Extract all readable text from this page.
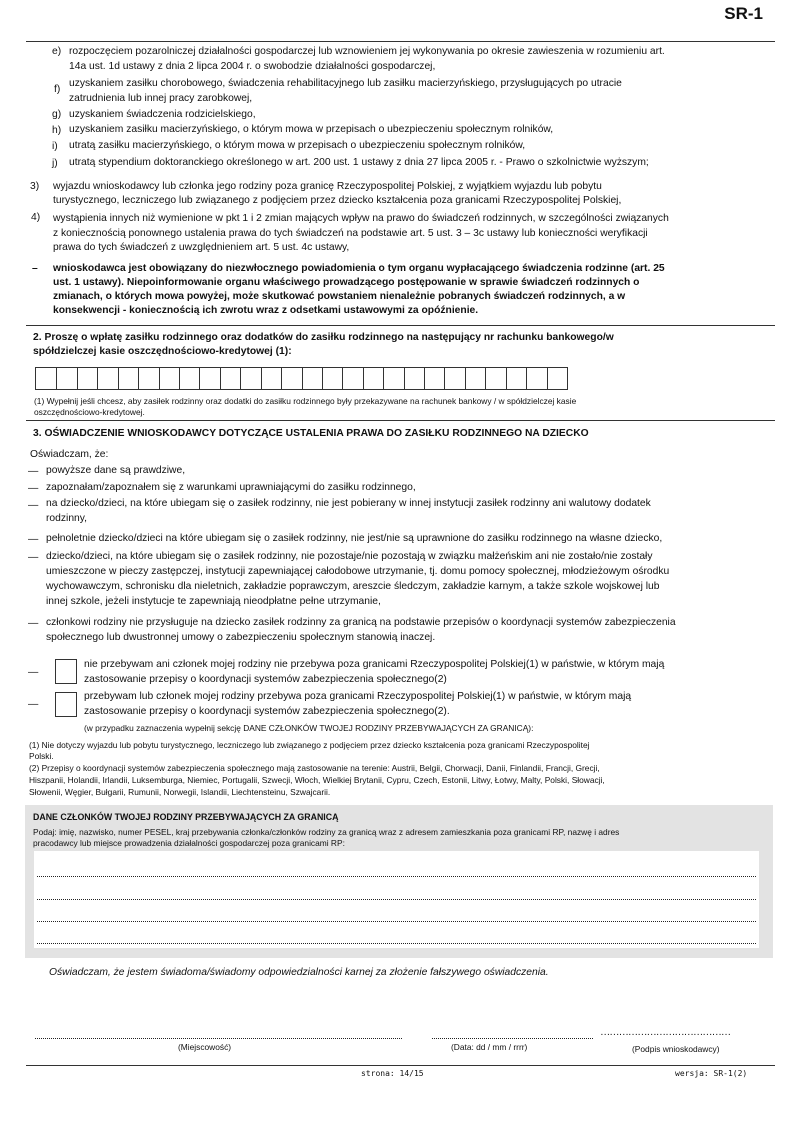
SR-1
e) rozpoczęciem pozarolniczej działalności gospodarczej lub wznowieniem jej wykonywania po okresie zawieszenia w rozumieniu art.
14a ust. 1d ustawy z dnia 2 lipca 2004 r. o swobodzie działalności gospodarczej,
f)
uzyskaniem zasiłku chorobowego, świadczenia rehabilitacyjnego lub zasiłku macierzyńskiego, przysługujących po utracie
zatrudnienia lub innej pracy zarobkowej,
g) uzyskaniem świadczenia rodzicielskiego,
h) uzyskaniem zasiłku macierzyńskiego, o którym mowa w przepisach o ubezpieczeniu społecznym rolników,
i) utratą zasiłku macierzyńskiego, o którym mowa w przepisach o ubezpieczeniu społecznym rolników,
j) utratą stypendium doktoranckiego określonego w art. 200 ust. 1 ustawy z dnia 27 lipca 2005 r. - Prawo o szkolnictwie wyższym;
3) wyjazdu wnioskodawcy lub członka jego rodziny poza granicę Rzeczypospolitej Polskiej, z wyjątkiem wyjazdu lub pobytu
turystycznego, leczniczego lub związanego z podjęciem przez dziecko kształcenia poza granicami Rzeczypospolitej Polskiej,
4) wystąpienia innych niż wymienione w pkt 1 i 2 zmian mających wpływ na prawo do świadczeń rodzinnych, w szczególności związanych
z koniecznością ponownego ustalenia prawa do tych świadczeń na podstawie art. 5 ust. 3 – 3c ustawy lub konieczności weryfikacji
prawa do tych świadczeń z uwzględnieniem art. 5 ust. 4c ustawy,
– wnioskodawca jest obowiązany do niezwłocznego powiadomienia o tym organu wypłacającego świadczenia rodzinne (art. 25
ust. 1 ustawy). Niepoinformowanie organu właściwego prowadzącego postępowanie w sprawie świadczeń rodzinnych o
zmianach, o których mowa powyżej, może skutkować powstaniem nienależnie pobranych świadczeń rodzinnych, a w
konsekwencji - koniecznością ich zwrotu wraz z odsetkami ustawowymi za opóźnienie.
2. Proszę o wpłatę zasiłku rodzinnego oraz dodatków do zasiłku rodzinnego na następujący nr rachunku bankowego/w
spółdzielczej kasie oszczędnościowo-kredytowej (1):
(1) Wypełnij jeśli chcesz, aby zasiłek rodzinny oraz dodatki do zasiłku rodzinnego były przekazywane na rachunek bankowy / w spółdzielczej kasie
oszczędnościowo-kredytowej.
3. OŚWIADCZENIE WNIOSKODAWCY DOTYCZĄCE USTALENIA PRAWA DO ZASIŁKU RODZINNEGO NA DZIECKO
Oświadczam, że:
— powyższe dane są prawdziwe,
— zapoznałam/zapoznałem się z warunkami uprawniającymi do zasiłku rodzinnego,
— na dziecko/dzieci, na które ubiegam się o zasiłek rodzinny, nie jest pobierany w innej instytucji zasiłek rodzinny ani walutowy dodatek
rodzinny,
— pełnoletnie dziecko/dzieci na które ubiegam się o zasiłek rodzinny, nie jest/nie są uprawnione do zasiłku rodzinnego na własne dziecko,
— dziecko/dzieci, na które ubiegam się o zasiłek rodzinny, nie pozostaje/nie pozostają w związku małżeńskim ani nie zostało/nie zostały
umieszczone w pieczy zastępczej, instytucji zapewniającej całodobowe utrzymanie, tj. domu pomocy społecznej, młodzieżowym ośrodku
wychowawczym, schronisku dla nieletnich, zakładzie poprawczym, areszcie śledczym, zakładzie karnym, a także szkole wojskowej lub
innej szkole, jeżeli instytucje te zapewniają nieodpłatne pełne utrzymanie,
— członkowi rodziny nie przysługuje na dziecko zasiłek rodzinny za granicą na podstawie przepisów o koordynacji systemów zabezpieczenia
społecznego lub dwustronnej umowy o zabezpieczeniu społecznym stanowią inaczej.
—
nie przebywam ani członek mojej rodziny nie przebywa poza granicami Rzeczypospolitej Polskiej(1) w państwie, w którym mają
zastosowanie przepisy o koordynacji systemów zabezpieczenia społecznego(2)
—
przebywam lub członek mojej rodziny przebywa poza granicami Rzeczypospolitej Polskiej(1) w państwie, w którym mają
zastosowanie przepisy o koordynacji systemów zabezpieczenia społecznego(2).
(w przypadku zaznaczenia wypełnij sekcję DANE CZŁONKÓW TWOJEJ RODZINY PRZEBYWAJĄCYCH ZA GRANICĄ):
(1) Nie dotyczy wyjazdu lub pobytu turystycznego, leczniczego lub związanego z podjęciem przez dziecko kształcenia poza granicami Rzeczypospolitej
Polski.
(2) Przepisy o koordynacji systemów zabezpieczenia społecznego mają zastosowanie na terenie: Austrii, Belgii, Chorwacji, Danii, Finlandii, Francji, Grecji,
Hiszpanii, Holandii, Irlandii, Luksemburga, Niemiec, Portugalii, Szwecji, Włoch, Wielkiej Brytanii, Cypru, Czech, Estonii, Litwy, Łotwy, Malty, Polski, Słowacji,
Słowenii, Węgier, Bułgarii, Rumunii, Norwegii, Islandii, Liechtensteinu, Szwajcarii.
DANE CZŁONKÓW TWOJEJ RODZINY PRZEBYWAJĄCYCH ZA GRANICĄ
Podaj: imię, nazwisko, numer PESEL, kraj przebywania członka/członków rodziny za granicą wraz z adresem zamieszkania poza granicami RP, nazwę i adres
pracodawcy lub miejsce prowadzenia działalności gospodarczej poza granicami RP:
Oświadczam, że jestem świadoma/świadomy odpowiedzialności karnej za złożenie fałszywego oświadczenia.
(Miejscowość)	(Data: dd / mm / rrrr)
……………………………………
(Podpis wnioskodawcy)
strona: 14/15	wersja: SR-1(2)
